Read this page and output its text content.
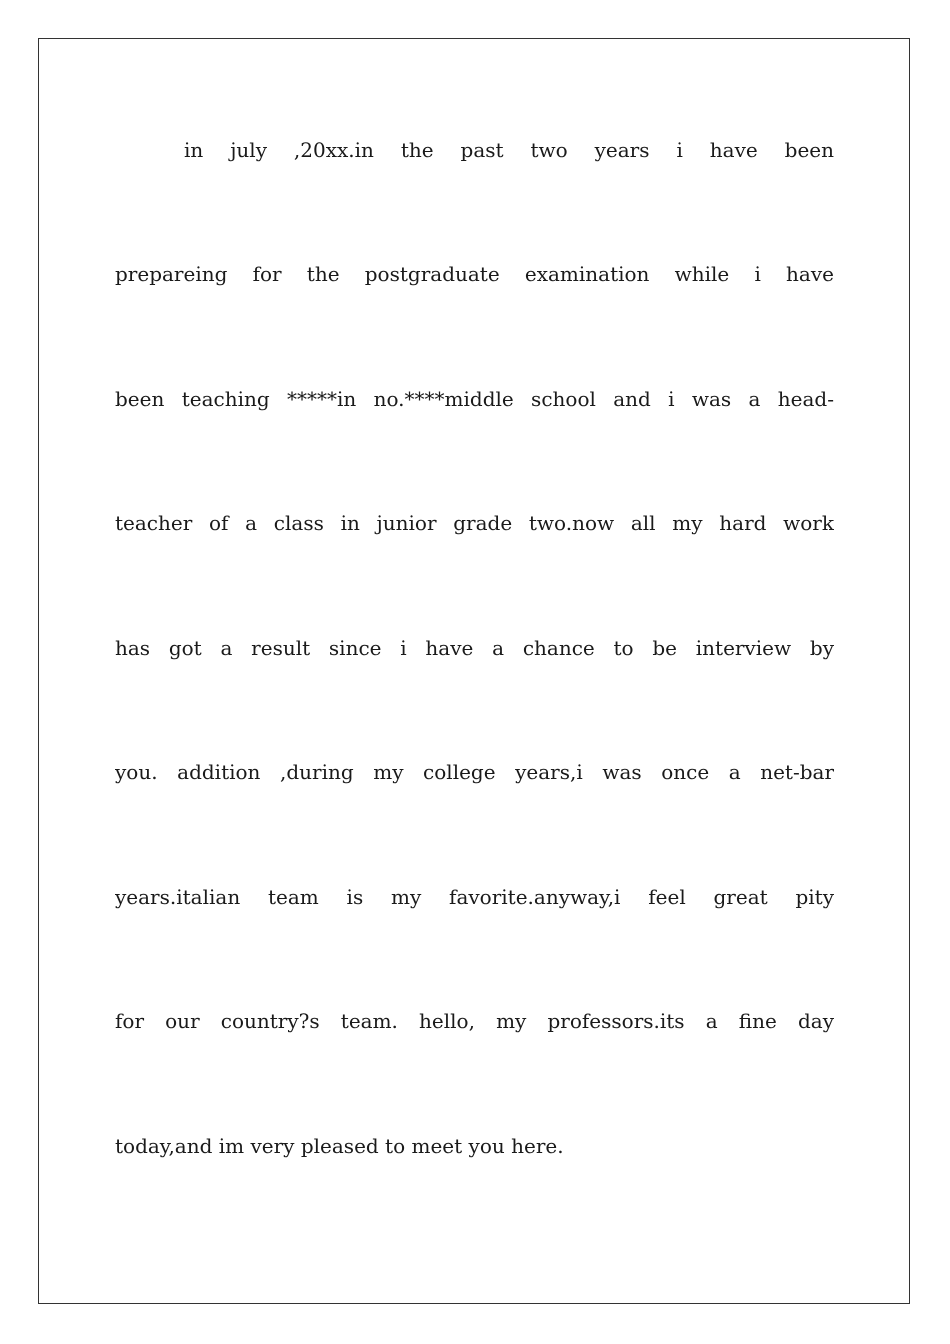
in july ,20xx.in the past two years i have been
prepareing for the postgraduate examination while i have
been teaching *****in no.****middle school and i was a head-
teacher of a class in junior grade two.now all my hard work
has got a result since i have a chance to be interview by
you. addition ,during my college years,i was once a net-bar
years.italian team is my favorite.anyway,i feel great pity
for our country?s team. hello, my professors.its a fine day
today,and im very pleased to meet you here.
